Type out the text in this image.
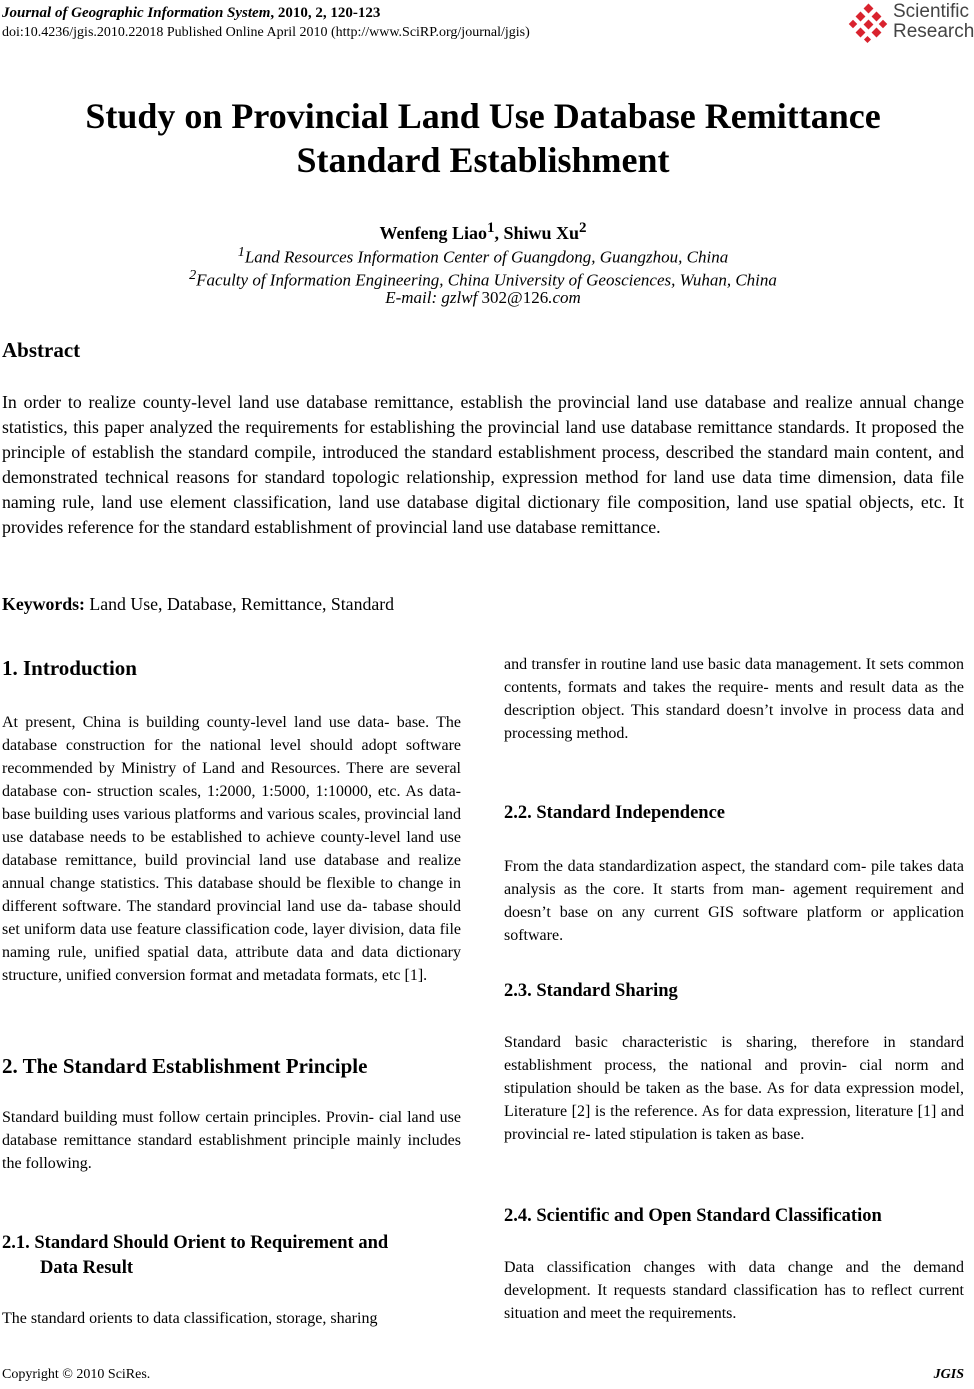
Journal of Geographic Information System, 2010, 2, 120-123
doi:10.4236/jgis.2010.22018 Published Online April 2010 (http://www.SciRP.org/journal/jgis)
Scientific
Research
Study on Provincial Land Use Database Remittance
Standard Establishment
Wenfeng Liao$^1$, Shiwu Xu$^2$
$^1$Land Resources Information Center of Guangdong, Guangzhou, China
$^2$Faculty of Information Engineering, China University of Geosciences, Wuhan, China
E-mail: gzlwf 302@126.com
Abstract
In order to realize county-level land use database remittance, establish the provincial land use database and realize annual change statistics, this paper analyzed the requirements for establishing the provincial land use database remittance standards. It proposed the principle of establish the standard compile, introduced the standard establishment process, described the standard main content, and demonstrated technical reasons for standard topologic relationship, expression method for land use data time dimension, data file naming rule, land use element classification, land use database digital dictionary file composition, land use spatial objects, etc. It provides reference for the standard establishment of provincial land use database remittance.
Keywords: Land Use, Database, Remittance, Standard
1. Introduction
At present, China is building county-level land use data- base. The database construction for the national level should adopt software recommended by Ministry of Land and Resources. There are several database con- struction scales, 1:2000, 1:5000, 1:10000, etc. As data- base building uses various platforms and various scales, provincial land use database needs to be established to achieve county-level land use database remittance, build provincial land use database and realize annual change statistics. This database should be flexible to change in different software. The standard provincial land use da- tabase should set uniform data use feature classification code, layer division, data file naming rule, unified spatial data, attribute data and data dictionary structure, unified conversion format and metadata formats, etc [1].
2. The Standard Establishment Principle
Standard building must follow certain principles. Provin- cial land use database remittance standard establishment principle mainly includes the following.
2.1. Standard Should Orient to Requirement and
Data Result
The standard orients to data classification, storage, sharing
and transfer in routine land use basic data management. It sets common contents, formats and takes the require- ments and result data as the description object. This standard doesn’t involve in process data and processing method.
2.2. Standard Independence
From the data standardization aspect, the standard com- pile takes data analysis as the core. It starts from man- agement requirement and doesn’t base on any current GIS software platform or application software.
2.3. Standard Sharing
Standard basic characteristic is sharing, therefore in standard establishment process, the national and provin- cial norm and stipulation should be taken as the base. As for data expression model, Literature [2] is the reference. As for data expression, literature [1] and provincial re- lated stipulation is taken as base.
2.4. Scientific and Open Standard Classification
Data classification changes with data change and the demand development. It requests standard classification has to reflect current situation and meet the requirements.
Copyright © 2010 SciRes.	JGIS
